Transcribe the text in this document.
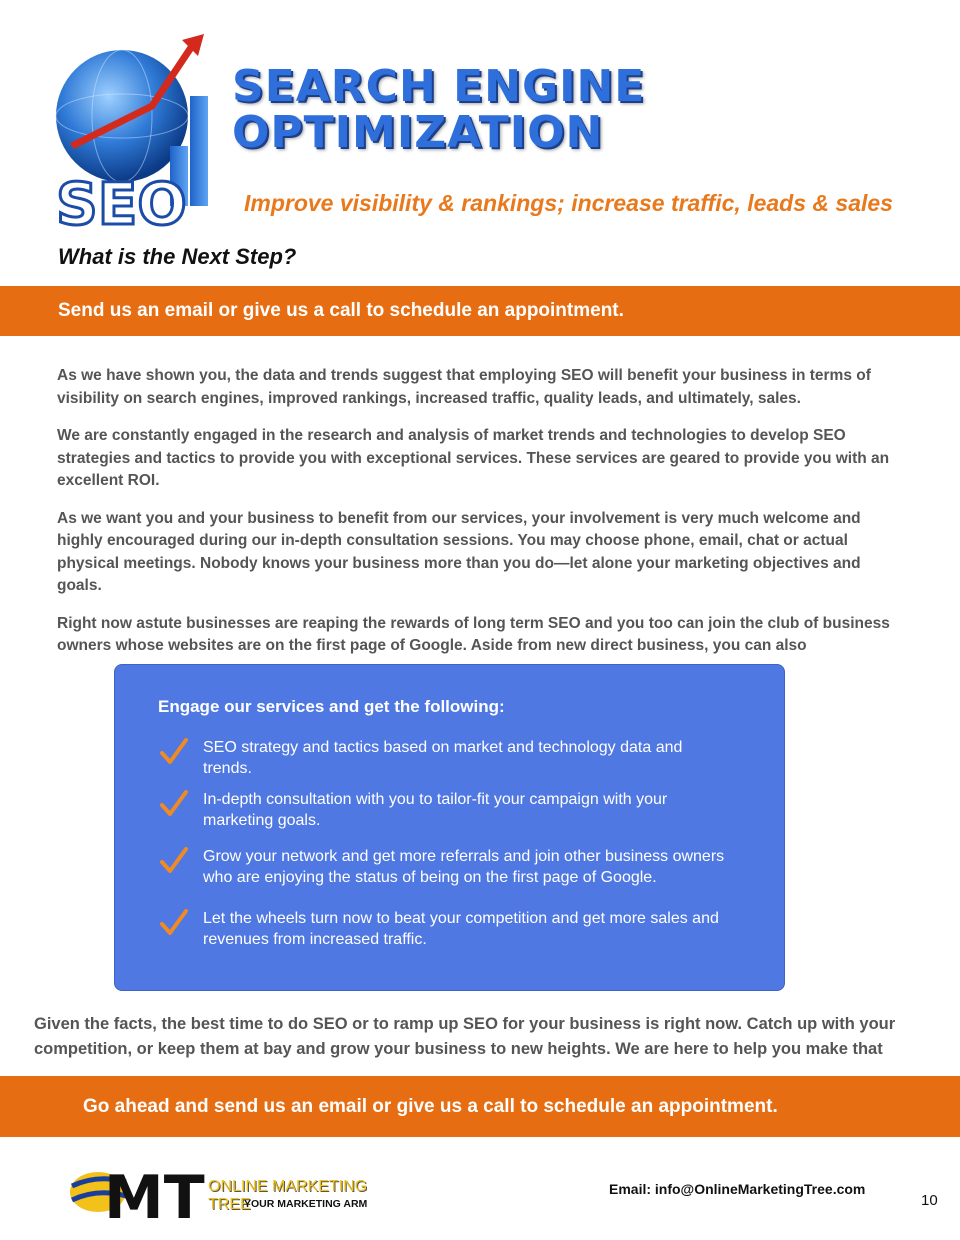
SEO
SEARCH ENGINE
OPTIMIZATION

Improve visibility & rankings; increase traffic, leads & sales

What is the Next Step?
Send us an email or give us a call to schedule an appointment.

As we have shown you, the data and trends suggest that employing SEO will benefit your business in terms of visibility on search engines, improved rankings, increased traffic, quality leads, and ultimately, sales.

We are constantly engaged in the research and analysis of market trends and technologies to develop SEO strategies and tactics to provide you with exceptional services. These services are geared to provide you with an excellent ROI.

As we want you and your business to benefit from our services, your involvement is very much welcome and highly encouraged during our in-depth consultation sessions. You may choose phone, email, chat or actual physical meetings. Nobody knows your business more than you do—let alone your marketing objectives and goals.

Right now astute businesses are reaping the rewards of long term SEO and you too can join the club of business owners whose websites are on the first page of Google. Aside from new direct business, you can also

Engage our services and get the following:
SEO strategy and tactics based on market and technology data and trends.
In-depth consultation with you to tailor-fit your campaign with your marketing goals.
Grow your network and get more referrals and join other business owners who are enjoying the status of being on the first page of Google.
Let the wheels turn now to beat your competition and get more sales and revenues from increased traffic.

Given the facts, the best time to do SEO or to ramp up SEO for your business is right now. Catch up with your competition, or keep them at bay and grow your business to new heights. We are here to help you make that

Go ahead and send us an email or give us a call to schedule an appointment.
MT ONLINE MARKETING TREE
YOUR MARKETING ARM
Email: info@OnlineMarketingTree.com
10
